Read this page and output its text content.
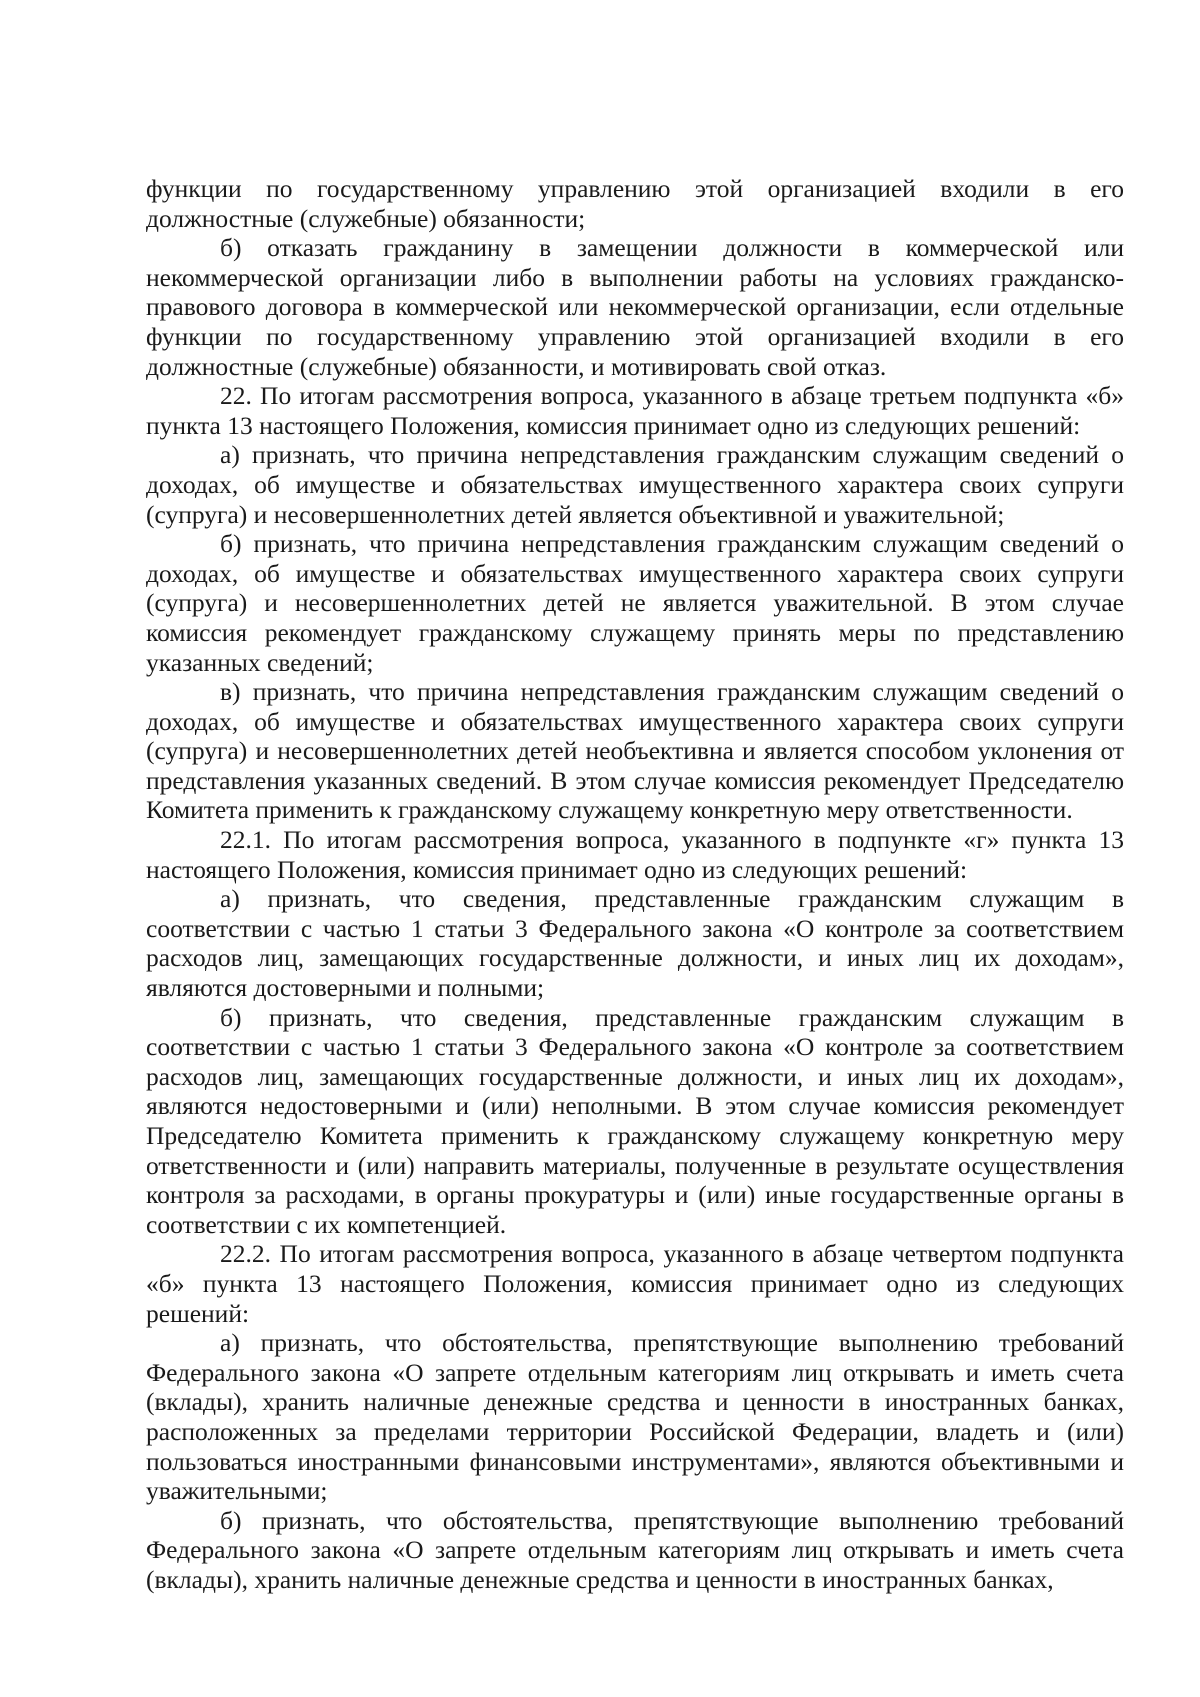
функции по государственному управлению этой организацией входили в его должностные (служебные) обязанности;

б) отказать гражданину в замещении должности в коммерческой или некоммерческой организации либо в выполнении работы на условиях гражданско-правового договора в коммерческой или некоммерческой организации, если отдельные функции по государственному управлению этой организацией входили в его должностные (служебные) обязанности, и мотивировать свой отказ.

22. По итогам рассмотрения вопроса, указанного в абзаце третьем подпункта «б» пункта 13 настоящего Положения, комиссия принимает одно из следующих решений:

а) признать, что причина непредставления гражданским служащим сведений о доходах, об имуществе и обязательствах имущественного характера своих супруги (супруга) и несовершеннолетних детей является объективной и уважительной;

б) признать, что причина непредставления гражданским служащим сведений о доходах, об имуществе и обязательствах имущественного характера своих супруги (супруга) и несовершеннолетних детей не является уважительной. В этом случае комиссия рекомендует гражданскому служащему принять меры по представлению указанных сведений;

в) признать, что причина непредставления гражданским служащим сведений о доходах, об имуществе и обязательствах имущественного характера своих супруги (супруга) и несовершеннолетних детей необъективна и является способом уклонения от представления указанных сведений. В этом случае комиссия рекомендует Председателю Комитета применить к гражданскому служащему конкретную меру ответственности.

22.1. По итогам рассмотрения вопроса, указанного в подпункте «г» пункта 13 настоящего Положения, комиссия принимает одно из следующих решений:

а) признать, что сведения, представленные гражданским служащим в соответствии с частью 1 статьи 3 Федерального закона «О контроле за соответствием расходов лиц, замещающих государственные должности, и иных лиц их доходам», являются достоверными и полными;

б) признать, что сведения, представленные гражданским служащим в соответствии с частью 1 статьи 3 Федерального закона «О контроле за соответствием расходов лиц, замещающих государственные должности, и иных лиц их доходам», являются недостоверными и (или) неполными. В этом случае комиссия рекомендует Председателю Комитета применить к гражданскому служащему конкретную меру ответственности и (или) направить материалы, полученные в результате осуществления контроля за расходами, в органы прокуратуры и (или) иные государственные органы в соответствии с их компетенцией.

22.2. По итогам рассмотрения вопроса, указанного в абзаце четвертом подпункта «б» пункта 13 настоящего Положения, комиссия принимает одно из следующих решений:

а) признать, что обстоятельства, препятствующие выполнению требований Федерального закона «О запрете отдельным категориям лиц открывать и иметь счета (вклады), хранить наличные денежные средства и ценности в иностранных банках, расположенных за пределами территории Российской Федерации, владеть и (или) пользоваться иностранными финансовыми инструментами», являются объективными и уважительными;

б) признать, что обстоятельства, препятствующие выполнению требований Федерального закона «О запрете отдельным категориям лиц открывать и иметь счета (вклады), хранить наличные денежные средства и ценности в иностранных банках,
